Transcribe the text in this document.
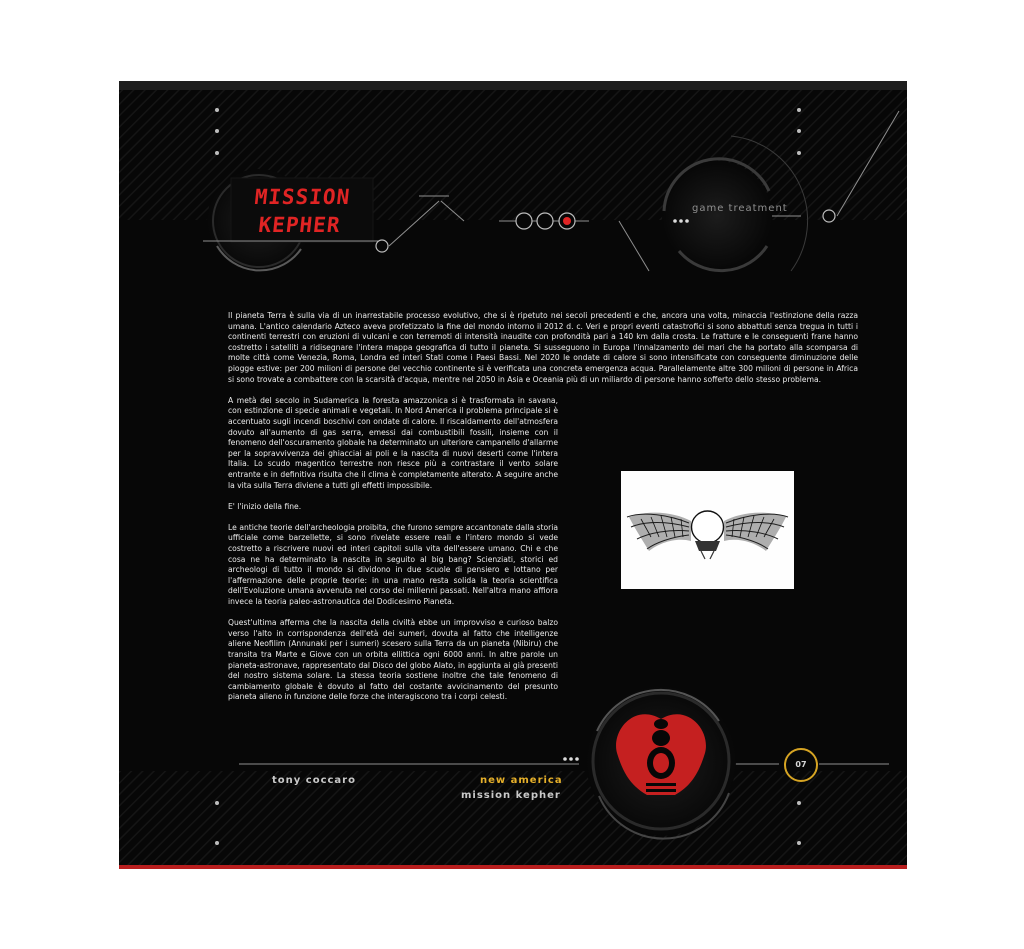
MISSION
KEPHER
game treatment

Il pianeta Terra è sulla via di un inarrestabile processo evolutivo, che si è ripetuto nei secoli precedenti e che, ancora una volta, minaccia l'estinzione della razza umana. L'antico calendario Azteco aveva profetizzato la fine del mondo intorno il 2012 d. c. Veri e propri eventi catastrofici si sono abbattuti senza tregua in tutti i continenti terrestri con eruzioni di vulcani e con terremoti di intensità inaudite con profondità pari a 140 km dalla crosta. Le fratture e le conseguenti frane hanno costretto i satelliti a ridisegnare l'intera mappa geografica di tutto il pianeta. Si susseguono in Europa l'innalzamento dei mari che ha portato alla scomparsa di molte città come Venezia, Roma, Londra ed interi Stati come i Paesi Bassi. Nel 2020 le ondate di calore si sono intensificate con conseguente diminuzione delle piogge estive: per 200 milioni di persone del vecchio continente si è verificata una concreta emergenza acqua. Parallelamente altre 300 milioni di persone in Africa si sono trovate a combattere con la scarsità d'acqua, mentre nel 2050 in Asia e Oceania più di un miliardo di persone hanno sofferto dello stesso problema.

A metà del secolo in Sudamerica la foresta amazzonica si è trasformata in savana, con estinzione di specie animali e vegetali. In Nord America il problema principale si è accentuato sugli incendi boschivi con ondate di calore. Il riscaldamento dell'atmosfera dovuto all'aumento di gas serra, emessi dai combustibili fossili, insieme con il fenomeno dell'oscuramento globale ha determinato un ulteriore campanello d'allarme per la sopravvivenza dei ghiacciai ai poli e la nascita di nuovi deserti come l'intera Italia. Lo scudo magentico terrestre non riesce più a contrastare il vento solare entrante e in definitiva risulta che il clima è completamente alterato. A seguire anche la vita sulla Terra diviene a tutti gli effetti impossibile.

E' l'inizio della fine.

Le antiche teorie dell'archeologia proibita, che furono sempre accantonate dalla storia ufficiale come barzellette, si sono rivelate essere reali e l'intero mondo si vede costretto a riscrivere nuovi ed interi capitoli sulla vita dell'essere umano. Chi e che cosa ne ha determinato la nascita in seguito al big bang? Scienziati, storici ed archeologi di tutto il mondo si dividono in due scuole di pensiero e lottano per l'affermazione delle proprie teorie: in una mano resta solida la teoria scientifica dell'Evoluzione umana avvenuta nel corso dei millenni passati. Nell'altra mano affiora invece la teoria paleo-astronautica del Dodicesimo Pianeta.

Quest'ultima afferma che la nascita della civiltà ebbe un improvviso e curioso balzo verso l'alto in corrispondenza dell'età dei sumeri, dovuta al fatto che intelligenze aliene Neofilim (Annunaki per i sumeri) scesero sulla Terra da un pianeta (Nibiru) che transita tra Marte e Giove con un orbita ellittica ogni 6000 anni. In altre parole un pianeta-astronave, rappresentato dal Disco del globo Alato, in aggiunta ai già presenti del nostro sistema solare. La stessa teoria sostiene inoltre che tale fenomeno di cambiamento globale è dovuto al fatto del costante avvicinamento del presunto pianeta alieno in funzione delle forze che interagiscono tra i corpi celesti.

tony coccaro	new america
mission kepher
07
